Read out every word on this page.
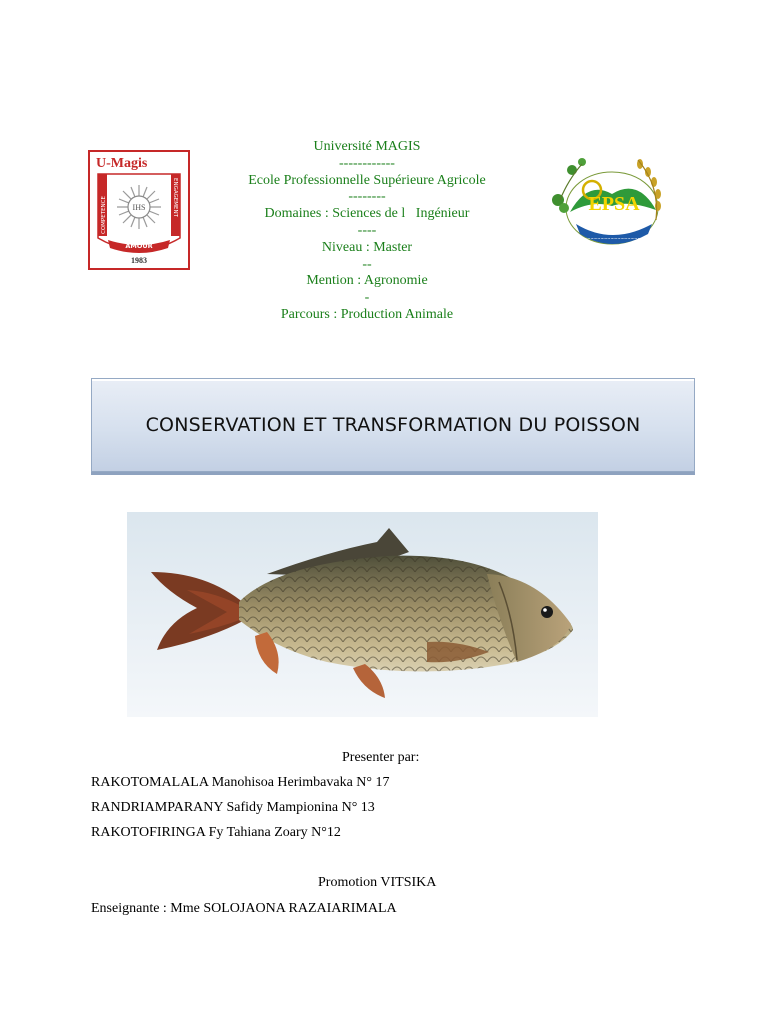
U-Magis
COMPETENCE	ENGAGEMENT
IHS
AMOUR
1983
~~~~~~~~~~~~~~~~~~~~~~
EPSA
bevalala
Université MAGIS
------------
Ecole Professionnelle Supérieure Agricole
--------
Domaines : Sciences de l   Ingénieur
----
Niveau : Master
--
Mention : Agronomie
-
Parcours : Production Animale
CONSERVATION ET TRANSFORMATION DU POISSON
Presenter par:
RAKOTOMALALA Manohisoa Herimbavaka N° 17
RANDRIAMPARANY Safidy Mampionina N° 13
RAKOTOFIRINGA Fy Tahiana Zoary N°12
Promotion VITSIKA
Enseignante : Mme SOLOJAONA RAZAIARIMALA
